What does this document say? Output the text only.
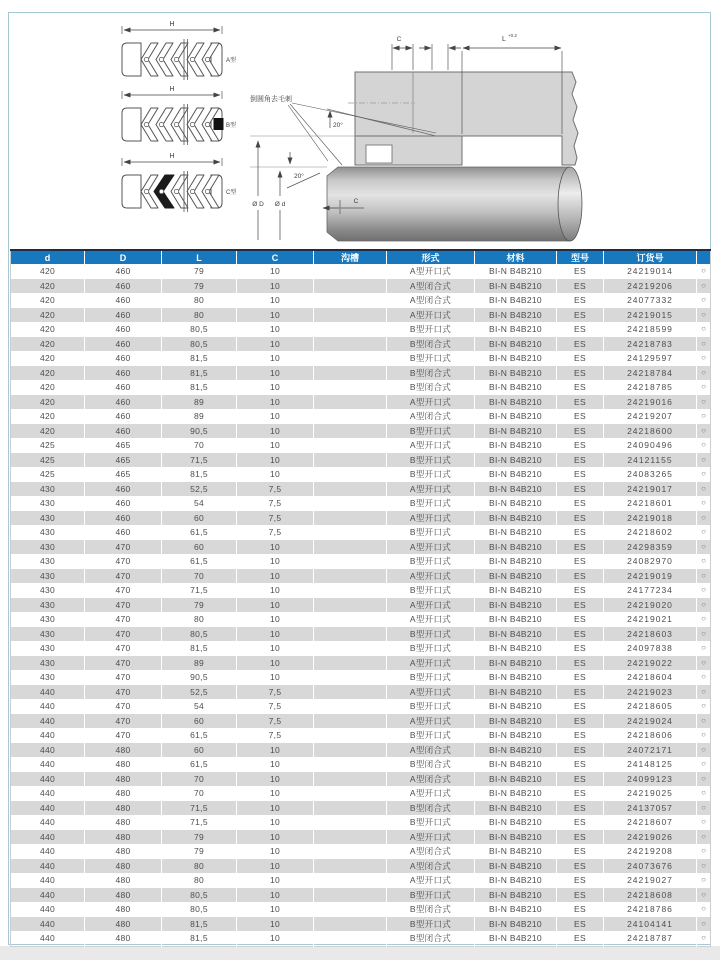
H
A型
H
B型
H
C型
C	L
+0.2
倒圆角去毛刺
20°
20°
Ø D Ø d	C
d	D	L	C	沟槽	形式	材料	型号	订货号	
420	460	79	10		A型开口式	BI-N B4B210	ES	24219014	○
420	460	79	10		A型闭合式	BI-N B4B210	ES	24219206	○
420	460	80	10		A型闭合式	BI-N B4B210	ES	24077332	○
420	460	80	10		A型开口式	BI-N B4B210	ES	24219015	○
420	460	80,5	10		B型开口式	BI-N B4B210	ES	24218599	○
420	460	80,5	10		B型闭合式	BI-N B4B210	ES	24218783	○
420	460	81,5	10		B型开口式	BI-N B4B210	ES	24129597	○
420	460	81,5	10		B型闭合式	BI-N B4B210	ES	24218784	○
420	460	81,5	10		B型闭合式	BI-N B4B210	ES	24218785	○
420	460	89	10		A型开口式	BI-N B4B210	ES	24219016	○
420	460	89	10		A型闭合式	BI-N B4B210	ES	24219207	○
420	460	90,5	10		B型开口式	BI-N B4B210	ES	24218600	○
425	465	70	10		A型开口式	BI-N B4B210	ES	24090496	○
425	465	71,5	10		B型开口式	BI-N B4B210	ES	24121155	○
425	465	81,5	10		B型开口式	BI-N B4B210	ES	24083265	○
430	460	52,5	7,5		A型开口式	BI-N B4B210	ES	24219017	○
430	460	54	7,5		B型开口式	BI-N B4B210	ES	24218601	○
430	460	60	7,5		A型开口式	BI-N B4B210	ES	24219018	○
430	460	61,5	7,5		B型开口式	BI-N B4B210	ES	24218602	○
430	470	60	10		A型开口式	BI-N B4B210	ES	24298359	○
430	470	61,5	10		B型开口式	BI-N B4B210	ES	24082970	○
430	470	70	10		A型开口式	BI-N B4B210	ES	24219019	○
430	470	71,5	10		B型开口式	BI-N B4B210	ES	24177234	○
430	470	79	10		A型开口式	BI-N B4B210	ES	24219020	○
430	470	80	10		A型开口式	BI-N B4B210	ES	24219021	○
430	470	80,5	10		B型开口式	BI-N B4B210	ES	24218603	○
430	470	81,5	10		B型开口式	BI-N B4B210	ES	24097838	○
430	470	89	10		A型开口式	BI-N B4B210	ES	24219022	○
430	470	90,5	10		B型开口式	BI-N B4B210	ES	24218604	○
440	470	52,5	7,5		A型开口式	BI-N B4B210	ES	24219023	○
440	470	54	7,5		B型开口式	BI-N B4B210	ES	24218605	○
440	470	60	7,5		A型开口式	BI-N B4B210	ES	24219024	○
440	470	61,5	7,5		B型开口式	BI-N B4B210	ES	24218606	○
440	480	60	10		A型闭合式	BI-N B4B210	ES	24072171	○
440	480	61,5	10		B型闭合式	BI-N B4B210	ES	24148125	○
440	480	70	10		A型闭合式	BI-N B4B210	ES	24099123	○
440	480	70	10		A型开口式	BI-N B4B210	ES	24219025	○
440	480	71,5	10		B型闭合式	BI-N B4B210	ES	24137057	○
440	480	71,5	10		B型开口式	BI-N B4B210	ES	24218607	○
440	480	79	10		A型开口式	BI-N B4B210	ES	24219026	○
440	480	79	10		A型闭合式	BI-N B4B210	ES	24219208	○
440	480	80	10		A型闭合式	BI-N B4B210	ES	24073676	○
440	480	80	10		A型开口式	BI-N B4B210	ES	24219027	○
440	480	80,5	10		B型开口式	BI-N B4B210	ES	24218608	○
440	480	80,5	10		B型闭合式	BI-N B4B210	ES	24218786	○
440	480	81,5	10		B型开口式	BI-N B4B210	ES	24104141	○
440	480	81,5	10		B型闭合式	BI-N B4B210	ES	24218787	○
